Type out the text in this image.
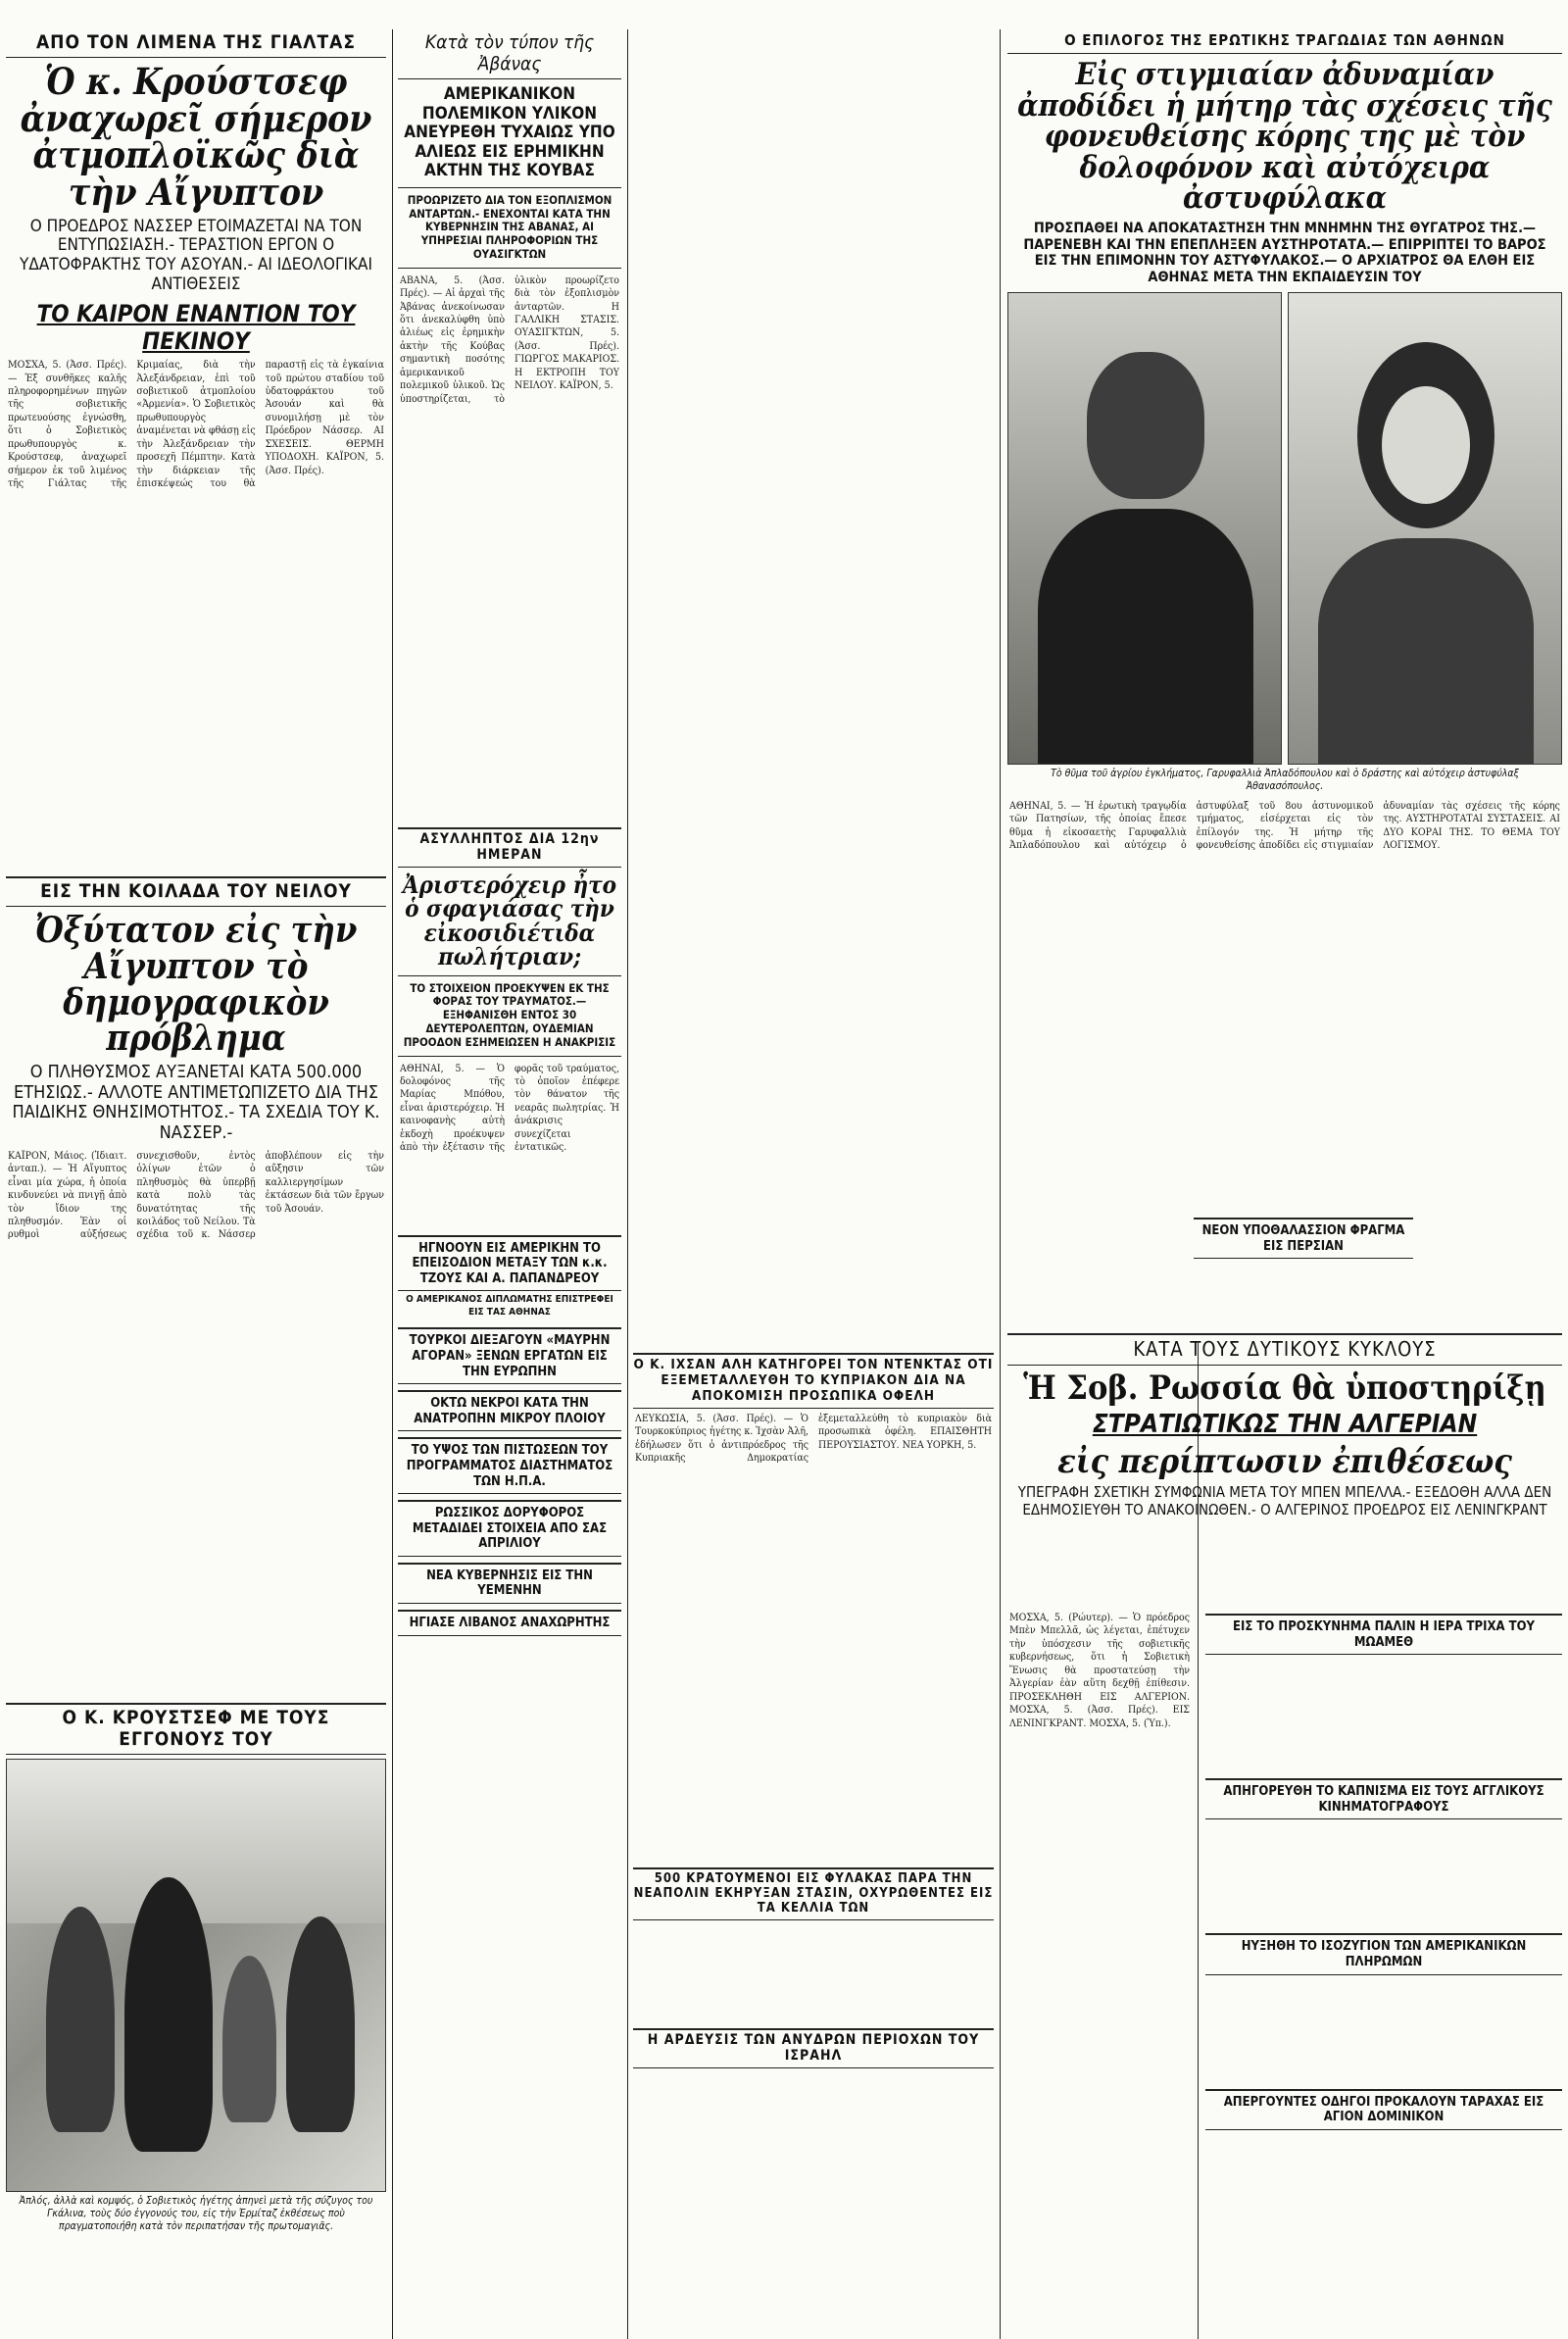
ΑΠΟ ΤΟΝ ΛΙΜΕΝΑ ΤΗΣ ΓΙΑΛΤΑΣ
Ὁ κ. Κρούστσεφ ἀναχωρεῖ σήμερον ἀτμοπλοϊκῶς διὰ τὴν Αἴγυπτον
Ο ΠΡΟΕΔΡΟΣ ΝΑΣΣΕΡ ΕΤΟΙΜΑΖΕΤΑΙ ΝΑ ΤΟΝ ΕΝΤΥΠΩΣΙΑΣΗ.- ΤΕΡΑΣΤΙΟΝ ΕΡΓΟΝ Ο ΥΔΑΤΟΦΡΑΚΤΗΣ ΤΟΥ ΑΣΟΥΑΝ.- ΑΙ ΙΔΕΟΛΟΓΙΚΑΙ ΑΝΤΙΘΕΣΕΙΣ
ΤΟ ΚΑΙΡΟΝ ΕΝΑΝΤΙΟΝ ΤΟΥ ΠΕΚΙΝΟΥ
ΜΟΣΧΑ, 5. (Ἀσσ. Πρές). — Ἐξ συνθῆκες καλῆς πληροφορημένων πηγῶν τῆς σοβιετικῆς πρωτευούσης ἐγνώσθη, ὅτι ὁ Σοβιετικὸς πρωθυπουργὸς κ. Κρούστσεφ, ἀναχωρεῖ σήμερον ἐκ τοῦ λιμένος τῆς Γιάλτας τῆς Κριμαίας, διὰ τὴν Ἀλεξάνδρειαν, ἐπὶ τοῦ σοβιετικοῦ ἀτμοπλοίου «Ἀρμενία». Ὁ Σοβιετικὸς πρωθυπουργὸς ἀναμένεται νὰ φθάσῃ εἰς τὴν Ἀλεξάνδρειαν τὴν προσεχῆ Πέμπτην. Κατὰ τὴν διάρκειαν τῆς ἐπισκέψεώς του θὰ παραστῇ εἰς τὰ ἐγκαίνια τοῦ πρώτου σταδίου τοῦ ὑδατοφράκτου τοῦ Ἀσουάν καὶ θὰ συνομιλήσῃ μὲ τὸν Πρόεδρον Νάσσερ. ΑΙ ΣΧΕΣΕΙΣ. ΘΕΡΜΗ ΥΠΟΔΟΧΗ. ΚΑΪΡΟΝ, 5. (Ἀσσ. Πρές).
ΕΙΣ ΤΗΝ ΚΟΙΛΑΔΑ ΤΟΥ ΝΕΙΛΟΥ
Ὀξύτατον εἰς τὴν Αἴγυπτον τὸ δημογραφικὸν πρόβλημα
Ο ΠΛΗΘΥΣΜΟΣ ΑΥΞΑΝΕΤΑΙ ΚΑΤΑ 500.000 ΕΤΗΣΙΩΣ.- ΑΛΛΟΤΕ ΑΝΤΙΜΕΤΩΠΙΖΕΤΟ ΔΙΑ ΤΗΣ ΠΑΙΔΙΚΗΣ ΘΝΗΣΙΜΟΤΗΤΟΣ.- ΤΑ ΣΧΕΔΙΑ ΤΟΥ Κ. ΝΑΣΣΕΡ.-
ΚΑΪΡΟΝ, Μάιος. (Ἰδιαιτ. ἀνταπ.). — Ἡ Αἴγυπτος εἶναι μία χώρα, ἡ ὁποία κινδυνεύει νὰ πνιγῇ ἀπὸ τὸν ἴδιον της πληθυσμόν. Ἐὰν οἱ ρυθμοὶ αὐξήσεως συνεχισθοῦν, ἐντὸς ὀλίγων ἐτῶν ὁ πληθυσμὸς θὰ ὑπερβῇ κατὰ πολὺ τὰς δυνατότητας τῆς κοιλάδος τοῦ Νείλου. Τὰ σχέδια τοῦ κ. Νάσσερ ἀποβλέπουν εἰς τὴν αὔξησιν τῶν καλλιεργησίμων ἐκτάσεων διὰ τῶν ἔργων τοῦ Ἀσουάν.
Ο Κ. ΚΡΟΥΣΤΣΕΦ ΜΕ ΤΟΥΣ ΕΓΓΟΝΟΥΣ ΤΟΥ
Ἀπλός, ἀλλὰ καὶ κομψός, ὁ Σοβιετικὸς ἡγέτης ἀπηνεὶ μετὰ τῆς σύζυγος του Γκάλινα, τοὺς δύο ἐγγονούς του, εἰς τὴν Ἐρμίταζ ἐκθέσεως ποὺ πραγματοποιήθη κατὰ τὸν περιπατήσαν τῆς πρωτομαγιᾶς.
Κατὰ τὸν τύπον τῆς Ἀβάνας
ΑΜΕΡΙΚΑΝΙΚΟΝ ΠΟΛΕΜΙΚΟΝ ΥΛΙΚΟΝ ΑΝΕΥΡΕΘΗ ΤΥΧΑΙΩΣ ΥΠΟ ΑΛΙΕΩΣ ΕΙΣ ΕΡΗΜΙΚΗΝ ΑΚΤΗΝ ΤΗΣ ΚΟΥΒΑΣ
ΠΡΟΩΡΙΖΕΤΟ ΔΙΑ ΤΟΝ ΕΞΟΠΛΙΣΜΟΝ ΑΝΤΑΡΤΩΝ.- ΕΝΕΧΟΝΤΑΙ ΚΑΤΑ ΤΗΝ ΚΥΒΕΡΝΗΣΙΝ ΤΗΣ ΑΒΑΝΑΣ, ΑΙ ΥΠΗΡΕΣΙΑΙ ΠΛΗΡΟΦΟΡΙΩΝ ΤΗΣ ΟΥΑΣΙΓΚΤΩΝ
ΑΒΑΝΑ, 5. (Ἀσσ. Πρές). — Αἱ ἀρχαὶ τῆς Ἀβάνας ἀνεκοίνωσαν ὅτι ἀνεκαλύφθη ὑπὸ ἁλιέως εἰς ἐρημικὴν ἀκτὴν τῆς Κούβας σημαντικὴ ποσότης ἀμερικανικοῦ πολεμικοῦ ὑλικοῦ. Ὡς ὑποστηρίζεται, τὸ ὑλικὸν προωρίζετο διὰ τὸν ἐξοπλισμὸν ἀνταρτῶν. Η ΓΑΛΛΙΚΗ ΣΤΑΣΙΣ. ΟΥΑΣΙΓΚΤΩΝ, 5. (Ἀσσ. Πρές). ΓΙΩΡΓΟΣ ΜΑΚΑΡΙΟΣ. Η ΕΚΤΡΟΠΗ ΤΟΥ ΝΕΙΛΟΥ. ΚΑΪΡΟΝ, 5.
ΑΣΥΛΛΗΠΤΟΣ ΔΙΑ 12ην ΗΜΕΡΑΝ
Ἀριστερόχειρ ἦτο ὁ σφαγιάσας τὴν εἰκοσιδιέτιδα πωλήτριαν;
ΤΟ ΣΤΟΙΧΕΙΟΝ ΠΡΟΕΚΥΨΕΝ ΕΚ ΤΗΣ ΦΟΡΑΣ ΤΟΥ ΤΡΑΥΜΑΤΟΣ.— ΕΞΗΦΑΝΙΣΘΗ ΕΝΤΟΣ 30 ΔΕΥΤΕΡΟΛΕΠΤΩΝ, ΟΥΔΕΜΙΑΝ ΠΡΟΟΔΟΝ ΕΣΗΜΕΙΩΣΕΝ Η ΑΝΑΚΡΙΣΙΣ
ΑΘΗΝΑΙ, 5. — Ὁ δολοφόνος τῆς Μαρίας Μπόθου, εἶναι ἀριστερόχειρ. Ἡ καινοφανὴς αὐτὴ ἐκδοχὴ προέκυψεν ἀπὸ τὴν ἐξέτασιν τῆς φορᾶς τοῦ τραύματος, τὸ ὁποῖον ἐπέφερε τὸν θάνατον τῆς νεαρᾶς πωλητρίας. Ἡ ἀνάκρισις συνεχίζεται ἐντατικῶς.
ΗΓΝΟΟΥΝ ΕΙΣ ΑΜΕΡΙΚΗΝ ΤΟ ΕΠΕΙΣΟΔΙΟΝ ΜΕΤΑΞΥ ΤΩΝ κ.κ. ΤΖΟΥΣ ΚΑΙ Α. ΠΑΠΑΝΔΡΕΟΥ
Ο ΑΜΕΡΙΚΑΝΟΣ ΔΙΠΛΩΜΑΤΗΣ ΕΠΙΣΤΡΕΦΕΙ ΕΙΣ ΤΑΣ ΑΘΗΝΑΣ
ΤΟΥΡΚΟΙ ΔΙΕΞΑΓΟΥΝ «ΜΑΥΡΗΝ ΑΓΟΡΑΝ» ΞΕΝΩΝ ΕΡΓΑΤΩΝ ΕΙΣ ΤΗΝ ΕΥΡΩΠΗΝ
ΟΚΤΩ ΝΕΚΡΟΙ ΚΑΤΑ ΤΗΝ ΑΝΑΤΡΟΠΗΝ ΜΙΚΡΟΥ ΠΛΟΙΟΥ
ΤΟ ΥΨΟΣ ΤΩΝ ΠΙΣΤΩΣΕΩΝ ΤΟΥ ΠΡΟΓΡΑΜΜΑΤΟΣ ΔΙΑΣΤΗΜΑΤΟΣ ΤΩΝ Η.Π.Α.
ΡΩΣΣΙΚΟΣ ΔΟΡΥΦΟΡΟΣ ΜΕΤΑΔΙΔΕΙ ΣΤΟΙΧΕΙΑ ΑΠΟ ΣΑΣ ΑΠΡΙΛΙΟΥ
ΝΕΑ ΚΥΒΕΡΝΗΣΙΣ ΕΙΣ ΤΗΝ ΥΕΜΕΝΗΝ
ΗΓΙΑΣΕ ΛΙΒΑΝΟΣ ΑΝΑΧΩΡΗΤΗΣ
Ο ΕΠΙΛΟΓΟΣ ΤΗΣ ΕΡΩΤΙΚΗΣ ΤΡΑΓΩΔΙΑΣ ΤΩΝ ΑΘΗΝΩΝ
Εἰς στιγμιαίαν ἀδυναμίαν ἀποδίδει ἡ μήτηρ τὰς σχέσεις τῆς φονευθείσης κόρης της μὲ τὸν δολοφόνον καὶ αὐτόχειρα ἀστυφύλακα
ΠΡΟΣΠΑΘΕΙ ΝΑ ΑΠΟΚΑΤΑΣΤΗΣΗ ΤΗΝ ΜΝΗΜΗΝ ΤΗΣ ΘΥΓΑΤΡΟΣ ΤΗΣ.— ΠΑΡΕΝΕΒΗ ΚΑΙ ΤΗΝ ΕΠΕΠΛΗΞΕΝ ΑΥΣΤΗΡΟΤΑΤΑ.— ΕΠΙΡΡΙΠΤΕΙ ΤΟ ΒΑΡΟΣ ΕΙΣ ΤΗΝ ΕΠΙΜΟΝΗΝ ΤΟΥ ΑΣΤΥΦΥΛΑΚΟΣ.— Ο ΑΡΧΙΑΤΡΟΣ ΘΑ ΕΛΘΗ ΕΙΣ ΑΘΗΝΑΣ ΜΕΤΑ ΤΗΝ ΕΚΠΑΙΔΕΥΣΙΝ ΤΟΥ
Τὸ θῦμα τοῦ ἀγρίου ἐγκλήματος, Γαρυφαλλιὰ Ἀπλαδόπουλου καὶ ὁ δράστης καὶ αὐτόχειρ ἀστυφύλαξ Ἀθανασόπουλος.
ΑΘΗΝΑΙ, 5. — Ἡ ἐρωτικὴ τραγῳδία τῶν Πατησίων, τῆς ὁποίας ἔπεσε θῦμα ἡ εἰκοσαετὴς Γαρυφαλλιὰ Ἀπλαδόπουλου καὶ αὐτόχειρ ὁ ἀστυφύλαξ τοῦ 8ου ἀστυνομικοῦ τμήματος, εἰσέρχεται εἰς τὸν ἐπίλογόν της. Ἡ μήτηρ τῆς φονευθείσης ἀποδίδει εἰς στιγμιαίαν ἀδυναμίαν τὰς σχέσεις τῆς κόρης της. ΑΥΣΤΗΡΟΤΑΤΑΙ ΣΥΣΤΑΣΕΙΣ. ΑΙ ΔΥΟ ΚΟΡΑΙ ΤΗΣ. ΤΟ ΘΕΜΑ ΤΟΥ ΛΟΓΙΣΜΟΥ.
ΝΕΟΝ ΥΠΟΘΑΛΑΣΣΙΟΝ ΦΡΑΓΜΑ ΕΙΣ ΠΕΡΣΙΑΝ
ΚΑΤΑ ΤΟΥΣ ΔΥΤΙΚΟΥΣ ΚΥΚΛΟΥΣ
Ἡ Σοβ. Ρωσσία θὰ ὑποστηρίξῃ
ΣΤΡΑΤΙΩΤΙΚΩΣ ΤΗΝ ΑΛΓΕΡΙΑΝ
εἰς περίπτωσιν ἐπιθέσεως
ΥΠΕΓΡΑΦΗ ΣΧΕΤΙΚΗ ΣΥΜΦΩΝΙΑ ΜΕΤΑ ΤΟΥ ΜΠΕΝ ΜΠΕΛΛΑ.- ΕΞΕΔΟΘΗ ΑΛΛΑ ΔΕΝ ΕΔΗΜΟΣΙΕΥΘΗ ΤΟ ΑΝΑΚΟΙΝΩΘΕΝ.- Ο ΑΛΓΕΡΙΝΟΣ ΠΡΟΕΔΡΟΣ ΕΙΣ ΛΕΝΙΝΓΚΡΑΝΤ
ΜΟΣΧΑ, 5. (Ρώυτερ). — Ὁ πρόεδρος Μπὲν Μπελλᾶ, ὡς λέγεται, ἐπέτυχεν τὴν ὑπόσχεσιν τῆς σοβιετικῆς κυβερνήσεως, ὅτι ἡ Σοβιετικὴ Ἕνωσις θὰ προστατεύσῃ τὴν Ἀλγερίαν ἐὰν αὕτη δεχθῇ ἐπίθεσιν. ΠΡΟΣΕΚΛΗΘΗ ΕΙΣ ΑΛΓΕΡΙΟΝ. ΜΟΣΧΑ, 5. (Ἀσσ. Πρές). ΕΙΣ ΛΕΝΙΝΓΚΡΑΝΤ. ΜΟΣΧΑ, 5. (Ὑπ.).
ΕΙΣ ΤΟ ΠΡΟΣΚΥΝΗΜΑ ΠΑΛΙΝ Η ΙΕΡΑ ΤΡΙΧΑ ΤΟΥ ΜΩΑΜΕΘ
ΑΠΗΓΟΡΕΥΘΗ ΤΟ ΚΑΠΝΙΣΜΑ ΕΙΣ ΤΟΥΣ ΑΓΓΛΙΚΟΥΣ ΚΙΝΗΜΑΤΟΓΡΑΦΟΥΣ
ΗΥΞΗΘΗ ΤΟ ΙΣΟΖΥΓΙΟΝ ΤΩΝ ΑΜΕΡΙΚΑΝΙΚΩΝ ΠΛΗΡΩΜΩΝ
ΑΠΕΡΓΟΥΝΤΕΣ ΟΔΗΓΟΙ ΠΡΟΚΑΛΟΥΝ ΤΑΡΑΧΑΣ ΕΙΣ ΑΓΙΟΝ ΔΟΜΙΝΙΚΟΝ
Ο Κ. ΙΧΣΑΝ ΑΛΗ ΚΑΤΗΓΟΡΕΙ ΤΟΝ ΝΤΕΝΚΤΑΣ ΟΤΙ ΕΞΕΜΕΤΑΛΛΕΥΘΗ ΤΟ ΚΥΠΡΙΑΚΟΝ ΔΙΑ ΝΑ ΑΠΟΚΟΜΙΣΗ ΠΡΟΣΩΠΙΚΑ ΟΦΕΛΗ
ΛΕΥΚΩΣΙΑ, 5. (Ἀσσ. Πρές). — Ὁ Τουρκοκύπριος ἡγέτης κ. Ἰχσὰν Ἀλῆ, ἐδήλωσεν ὅτι ὁ ἀντιπρόεδρος τῆς Κυπριακῆς Δημοκρατίας ἐξεμεταλλεύθη τὸ κυπριακὸν διὰ προσωπικὰ ὀφέλη. ΕΠΑΙΣΘΗΤΗ ΠΕΡΟΥΣΙΑΣΤΟΥ. ΝΕΑ ΥΟΡΚΗ, 5.
500 ΚΡΑΤΟΥΜΕΝΟΙ ΕΙΣ ΦΥΛΑΚΑΣ ΠΑΡΑ ΤΗΝ ΝΕΑΠΟΛΙΝ ΕΚΗΡΥΞΑΝ ΣΤΑΣΙΝ, ΟΧΥΡΩΘΕΝΤΕΣ ΕΙΣ ΤΑ ΚΕΛΛΙΑ ΤΩΝ
Η ΑΡΔΕΥΣΙΣ ΤΩΝ ΑΝΥΔΡΩΝ ΠΕΡΙΟΧΩΝ ΤΟΥ ΙΣΡΑΗΛ
